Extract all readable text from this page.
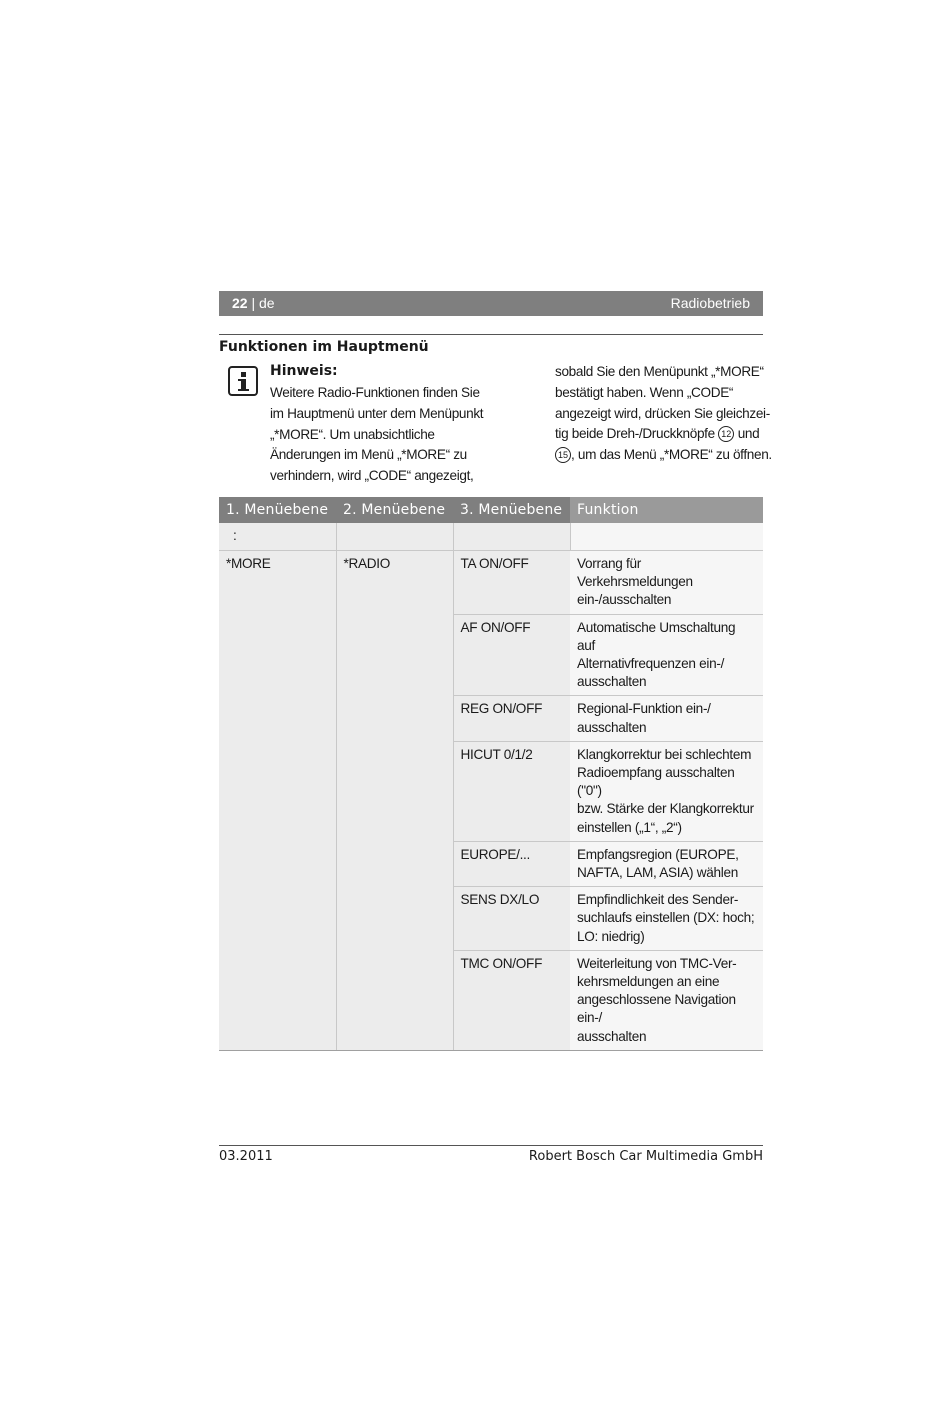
22 | de	Radiobetrieb
Funktionen im Hauptmenü
Hinweis:
Weitere Radio-Funktionen finden Sie
im Hauptmenü unter dem Menüpunkt
„*MORE“. Um unabsichtliche
Änderungen im Menü „*MORE“ zu
verhindern, wird „CODE“ angezeigt,
sobald Sie den Menüpunkt „*MORE“
bestätigt haben. Wenn „CODE“
angezeigt wird, drücken Sie gleichzei-
tig beide Dreh-/Druckknöpfe 12 und
15 , um das Menü „*MORE“ zu öffnen.
1. Menüebene	2. Menüebene	3. Menüebene	Funktion
:			
*MORE	*RADIO	TA ON/OFF	Vorrang für Verkehrsmeldungen
ein-/ausschalten

		AF ON/OFF	Automatische Umschaltung auf
Alternativfrequenzen ein-/
ausschalten

		REG ON/OFF	Regional-Funktion ein-/
ausschalten

		HICUT 0/1/2	Klangkorrektur bei schlechtem
Radioempfang ausschalten ("0")
bzw. Stärke der Klangkorrektur
einstellen („1“, „2“)

		EUROPE/...	Empfangsregion (EUROPE,
NAFTA, LAM, ASIA) wählen

		SENS DX/LO	Empfindlichkeit des Sender-
suchlaufs einstellen (DX: hoch;
LO: niedrig)

		TMC ON/OFF	Weiterleitung von TMC-Ver-
kehrsmeldungen an eine
angeschlossene Navigation ein-/
ausschalten
03.2011	Robert Bosch Car Multimedia GmbH
